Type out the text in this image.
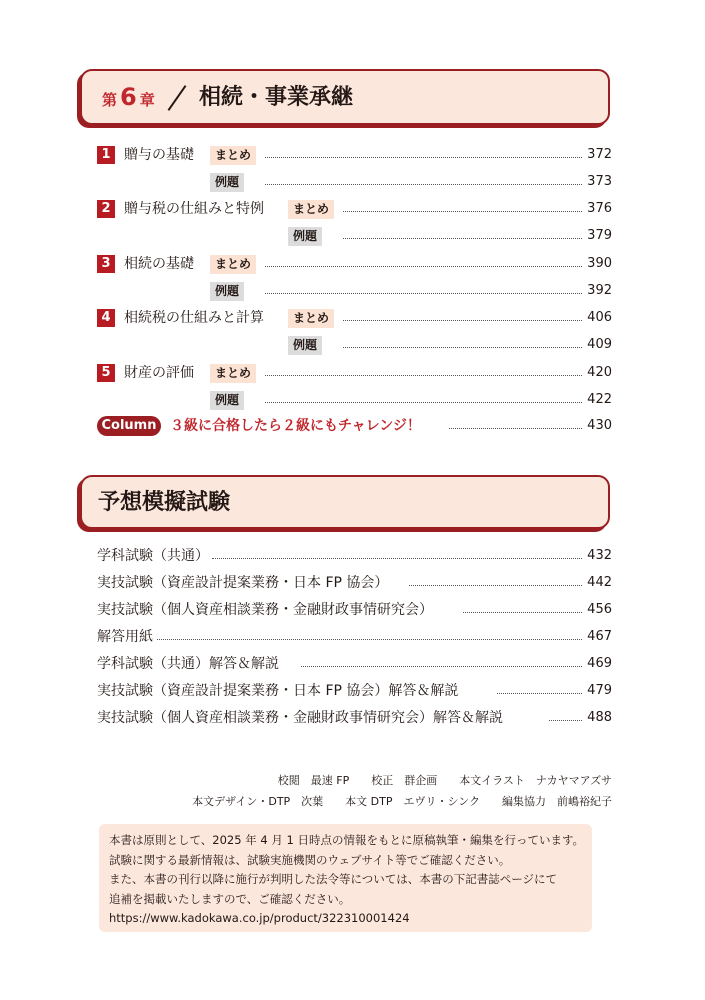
第 6 章 相続・事業承継
1 贈与の基礎	まとめ	372
例題	373
2 贈与税の仕組みと特例	まとめ	376
例題	379
3 相続の基礎	まとめ	390
例題	392
4 相続税の仕組みと計算	まとめ	406
例題	409
5 財産の評価	まとめ	420
例題	422
Column ３級に合格したら２級にもチャレンジ！	430
予想模擬試験
学科試験（共通）	432
実技試験（資産設計提案業務・日本 FP 協会）	442
実技試験（個人資産相談業務・金融財政事情研究会）	456
解答用紙	467
学科試験（共通）解答＆解説	469
実技試験（資産設計提案業務・日本 FP 協会）解答＆解説	479
実技試験（個人資産相談業務・金融財政事情研究会）解答＆解説	488
校閲　最速 FP　　校正　群企画　　本文イラスト　ナカヤマアズサ
本文デザイン・DTP　次葉　　本文 DTP　エヴリ・シンク　　編集協力　前嶋裕紀子
本書は原則として、2025 年 4 月 1 日時点の情報をもとに原稿執筆・編集を行っています。
試験に関する最新情報は、試験実施機関のウェブサイト等でご確認ください。
また、本書の刊行以降に施行が判明した法令等については、本書の下記書誌ページにて
追補を掲載いたしますので、ご確認ください。
https://www.kadokawa.co.jp/product/322310001424
